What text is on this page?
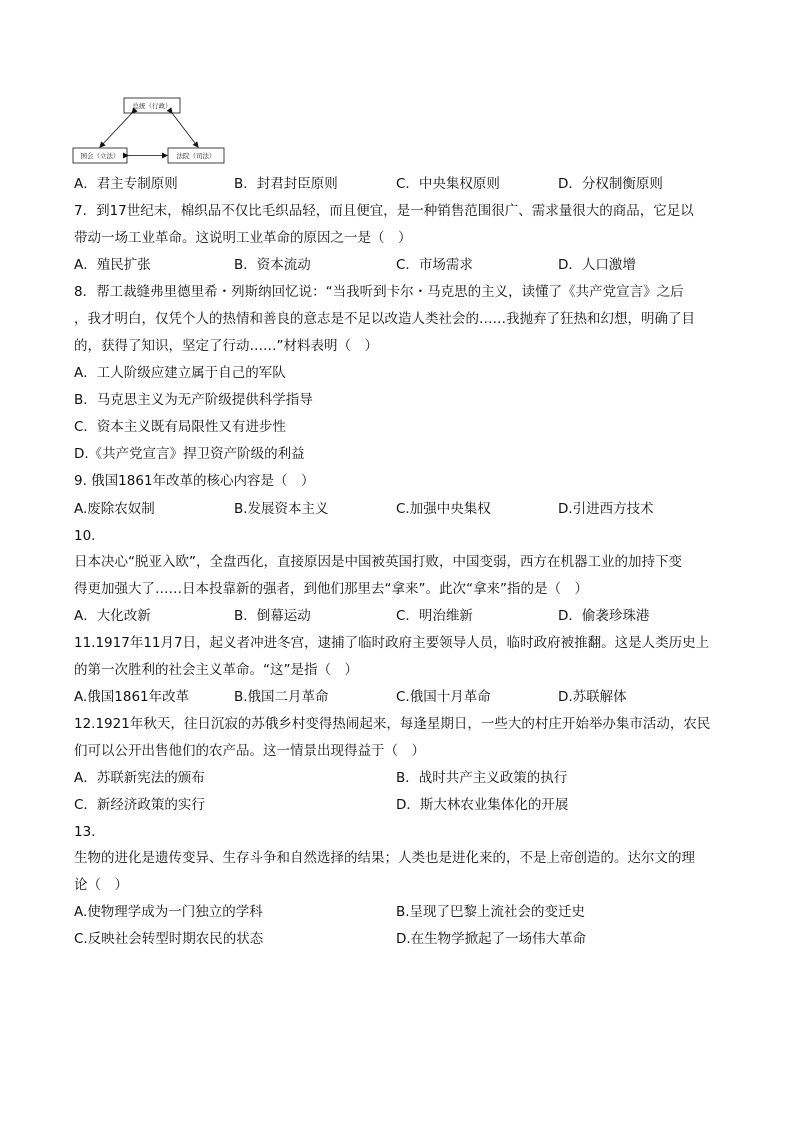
总统（行政）
国会（立法）	法院（司法）
A．君主专制原则	B．封君封臣原则	C．中央集权原则	D．分权制衡原则
7．到17世纪末，棉织品不仅比毛织品轻，而且便宜，是一种销售范围很广、需求量很大的商品，它足以
带动一场工业革命。这说明工业革命的原因之一是（　）
A．殖民扩张	B．资本流动	C．市场需求	D．人口激增
8．帮工裁缝弗里德里希・列斯纳回忆说：“当我听到卡尔・马克思的主义，读懂了《共产党宣言》之后
，我才明白，仅凭个人的热情和善良的意志是不足以改造人类社会的……我抛弃了狂热和幻想，明确了目
的，获得了知识，坚定了行动……”材料表明（　）
A．工人阶级应建立属于自己的军队
B．马克思主义为无产阶级提供科学指导
C．资本主义既有局限性又有进步性
D.《共产党宣言》捍卫资产阶级的利益
9. 俄国1861年改革的核心内容是（　）
A.废除农奴制	B.发展资本主义	C.加强中央集权	D.引进西方技术
10.
日本决心“脱亚入欧”，全盘西化，直接原因是中国被英国打败，中国变弱，西方在机器工业的加持下变
得更加强大了……日本投靠新的强者，到他们那里去“拿来”。此次“拿来”指的是（　）
A．大化改新	B．倒幕运动	C．明治维新	D．偷袭珍珠港
11.1917年11月7日，起义者冲进冬宫，逮捕了临时政府主要领导人员，临时政府被推翻。这是人类历史上
的第一次胜利的社会主义革命。“这”是指（　）
A.俄国1861年改革	B.俄国二月革命	C.俄国十月革命	D.苏联解体
12.1921年秋天，往日沉寂的苏俄乡村变得热闹起来，每逢星期日，一些大的村庄开始举办集市活动，农民
们可以公开出售他们的农产品。这一情景出现得益于（　）
A．苏联新宪法的颁布	B．战时共产主义政策的执行
C．新经济政策的实行	D．斯大林农业集体化的开展
13.
生物的进化是遗传变异、生存斗争和自然选择的结果；人类也是进化来的，不是上帝创造的。达尔文的理
论（　）
A.使物理学成为一门独立的学科	B.呈现了巴黎上流社会的变迁史
C.反映社会转型时期农民的状态	D.在生物学掀起了一场伟大革命
